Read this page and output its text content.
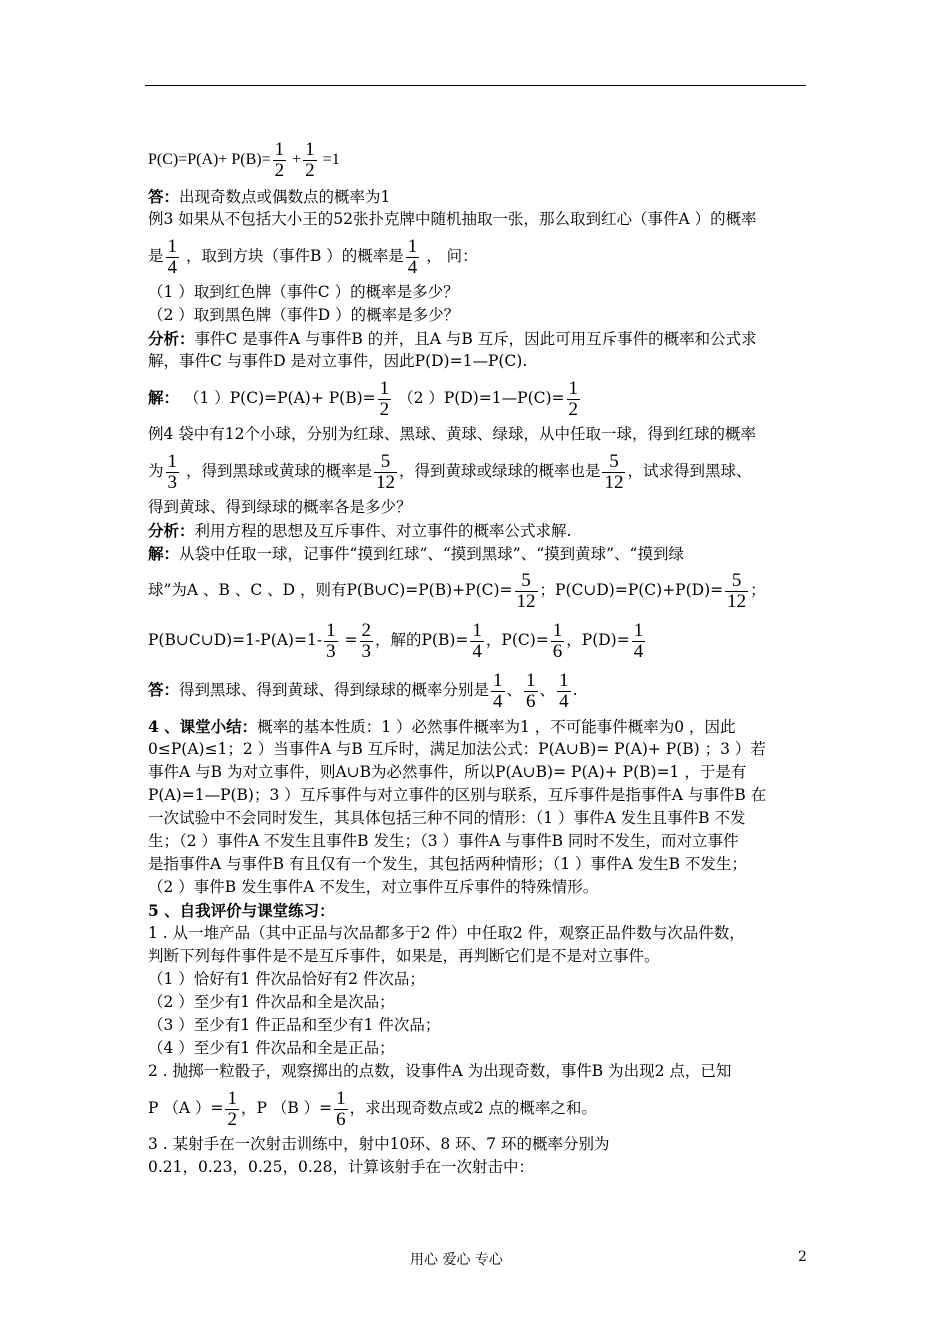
$P(C)=P(A)+ P(B)= \frac{1}{2} + \frac{1}{2} =1$
答：出现奇数点或偶数点的概率为1
例3 如果从不包括大小王的52张扑克牌中随机抽取一张，那么取到红心（事件A ）的概率
是 $\frac{1}{4}$ ，取到方块（事件B ）的概率是 $\frac{1}{4}$ ， 问：
（1 ）取到红色牌（事件C ）的概率是多少？
（2 ）取到黑色牌（事件D ）的概率是多少？
分析：事件C 是事件A 与事件B 的并，且A 与B 互斥，因此可用互斥事件的概率和公式求
解，事件C 与事件D 是对立事件，因此P(D)=1—P(C).
解： （1 ）$P(C)=P(A)+ P(B)= \frac{1}{2} (2$ ）P(D)=1—P(C)= $\frac{1}{2}$
例4 袋中有12个小球，分别为红球、黑球、黄球、绿球，从中任取一球，得到红球的概率
为 $\frac{1}{3}$ ，得到黑球或黄球的概率是 $\frac{5}{12}$ ，得到黄球或绿球的概率也是 $\frac{5}{12}$ ，试求得到黑球、
得到黄球、得到绿球的概率各是多少？
分析：利用方程的思想及互斥事件、对立事件的概率公式求解.
解：从袋中任取一球，记事件“摸到红球”、“摸到黑球”、“摸到黄球”、“摸到绿
球”为A 、B 、C 、D ，则有P(B∪C)=P(B)+P(C)= $\frac{5}{12}$ ；P(C∪D)=P(C)+P(D)= $\frac{5}{12}$ ；
P(B∪C∪D)=1-P(A)=1- $\frac{1}{3} = \frac{2}{3}$ ，解的$P(B)= \frac{1}{4}$ ，$P(C)= \frac{1}{6}$ ，$P(D)= \frac{1}{4}$
答：得到黑球、得到黄球、得到绿球的概率分别是 $\frac{1}{4}$ 、 $\frac{1}{6}$ 、 $\frac{1}{4}$ .
4 、课堂小结：概率的基本性质：1 ）必然事件概率为1 ，不可能事件概率为0 ，因此
0≤P(A)≤1；2 ）当事件A 与B 互斥时，满足加法公式：P(A∪B)= P(A)+ P(B) ；3 ）若
事件A 与B 为对立事件，则A∪B为必然事件，所以P(A∪B)= P(A)+ P(B)=1 ，于是有
P(A)=1—P(B)；3 ）互斥事件与对立事件的区别与联系，互斥事件是指事件A 与事件B 在
一次试验中不会同时发生，其具体包括三种不同的情形：（1 ）事件A 发生且事件B 不发
生；（2 ）事件A 不发生且事件B 发生；（3 ）事件A 与事件B 同时不发生，而对立事件
是指事件A 与事件B 有且仅有一个发生，其包括两种情形；（1 ）事件A 发生B 不发生；
（2 ）事件B 发生事件A 不发生，对立事件互斥事件的特殊情形。
5 、自我评价与课堂练习：
1 . 从一堆产品（其中正品与次品都多于2 件）中任取2 件，观察正品件数与次品件数，
判断下列每件事件是不是互斥事件，如果是，再判断它们是不是对立事件。
（1 ）恰好有1 件次品恰好有2 件次品；
（2 ）至少有1 件次品和全是次品；
（3 ）至少有1 件正品和至少有1 件次品；
（4 ）至少有1 件次品和全是正品；
2 . 抛掷一粒骰子，观察掷出的点数，设事件A 为出现奇数，事件B 为出现2 点，已知
P （A ）= $\frac{1}{2}$ ，P （B ）= $\frac{1}{6}$ ，求出现奇数点或2 点的概率之和。
3 . 某射手在一次射击训练中，射中10环、8 环、7 环的概率分别为
0.21，0.23，0.25，0.28，计算该射手在一次射击中：
用心 爱心 专心	2
